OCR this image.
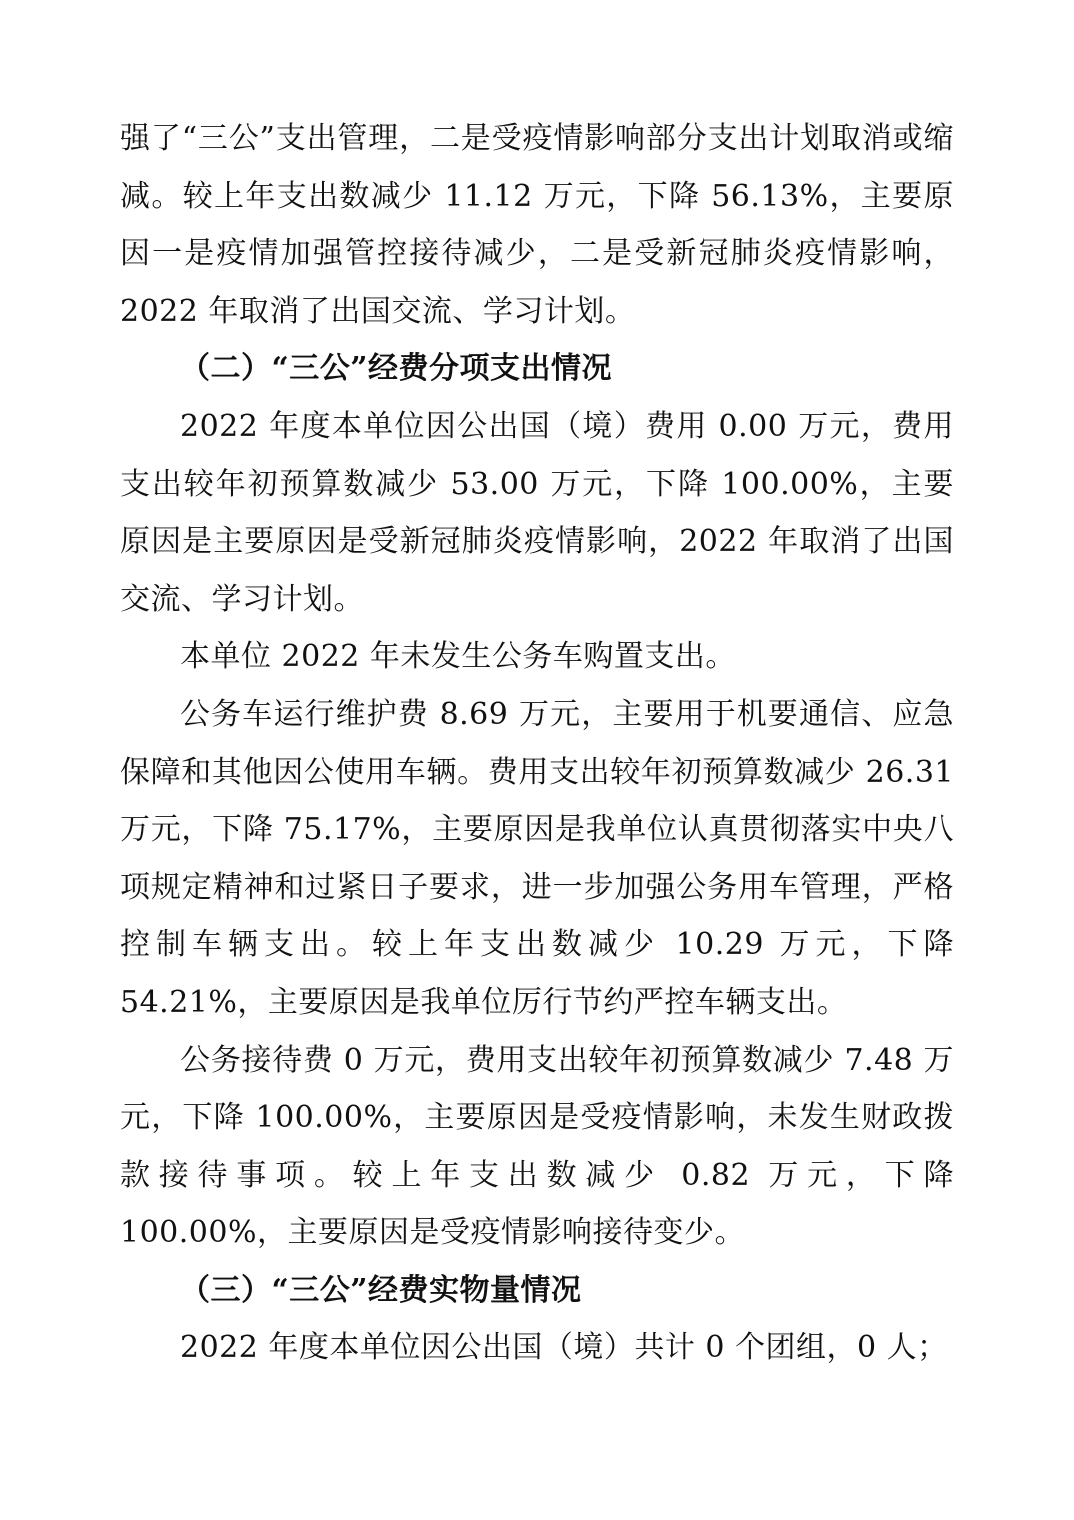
强了“三公”支出管理，二是受疫情影响部分支出计划取消或缩减。较上年支出数减少 11.12 万元，下降 56.13%，主要原因一是疫情加强管控接待减少，二是受新冠肺炎疫情影响，2022 年取消了出国交流、学习计划。

（二）“三公”经费分项支出情况

2022 年度本单位因公出国（境）费用 0.00 万元，费用支出较年初预算数减少 53.00 万元，下降 100.00%，主要原因是主要原因是受新冠肺炎疫情影响，2022 年取消了出国交流、学习计划。

本单位 2022 年未发生公务车购置支出。

公务车运行维护费 8.69 万元，主要用于机要通信、应急保障和其他因公使用车辆。费用支出较年初预算数减少 26.31 万元，下降 75.17%，主要原因是我单位认真贯彻落实中央八项规定精神和过紧日子要求，进一步加强公务用车管理，严格控制车辆支出。较上年支出数减少 10.29 万元，下降 54.21%，主要原因是我单位厉行节约严控车辆支出。

公务接待费 0 万元，费用支出较年初预算数减少 7.48 万元，下降 100.00%，主要原因是受疫情影响，未发生财政拨款接待事项。较上年支出数减少 0.82 万元，下降 100.00%，主要原因是受疫情影响接待变少。

（三）“三公”经费实物量情况

2022 年度本单位因公出国（境）共计 0 个团组，0 人；
